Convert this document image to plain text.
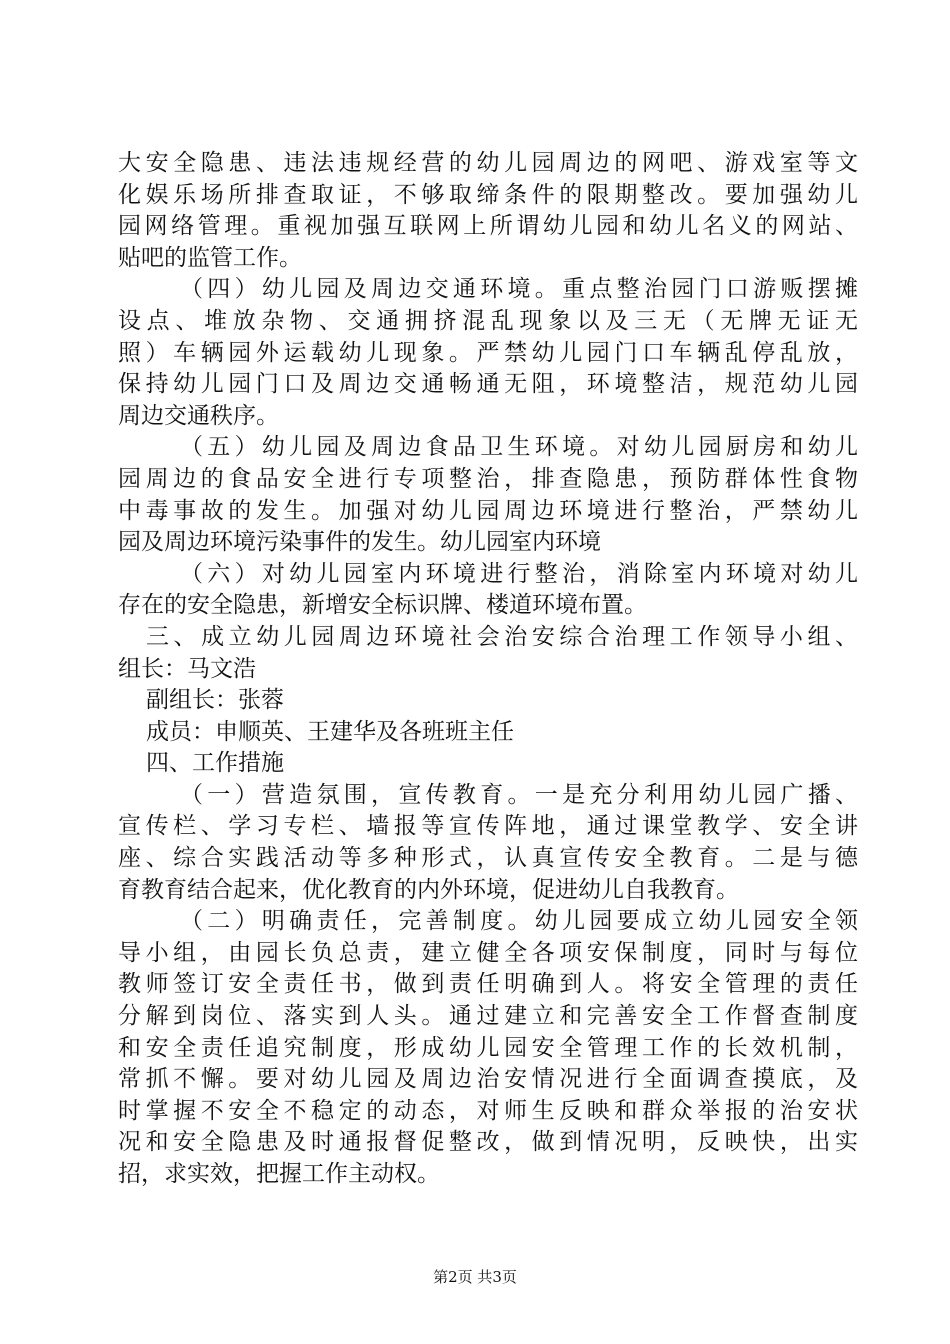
大安全隐患、违法违规经营的幼儿园周边的网吧、游戏室等文
化娱乐场所排查取证，不够取缔条件的限期整改。要加强幼儿
园网络管理。重视加强互联网上所谓幼儿园和幼儿名义的网站、
贴吧的监管工作。
（四）幼儿园及周边交通环境。重点整治园门口游贩摆摊
设点、堆放杂物、交通拥挤混乱现象以及三无（无牌无证无
照）车辆园外运载幼儿现象。严禁幼儿园门口车辆乱停乱放，
保持幼儿园门口及周边交通畅通无阻，环境整洁，规范幼儿园
周边交通秩序。
（五）幼儿园及周边食品卫生环境。对幼儿园厨房和幼儿
园周边的食品安全进行专项整治，排查隐患，预防群体性食物
中毒事故的发生。加强对幼儿园周边环境进行整治，严禁幼儿
园及周边环境污染事件的发生。幼儿园室内环境
（六）对幼儿园室内环境进行整治，消除室内环境对幼儿
存在的安全隐患，新增安全标识牌、楼道环境布置。
三、成立幼儿园周边环境社会治安综合治理工作领导小组、
组长：马文浩
副组长：张蓉
成员：申顺英、王建华及各班班主任
四、工作措施
（一）营造氛围，宣传教育。一是充分利用幼儿园广播、
宣传栏、学习专栏、墙报等宣传阵地，通过课堂教学、安全讲
座、综合实践活动等多种形式，认真宣传安全教育。二是与德
育教育结合起来，优化教育的内外环境，促进幼儿自我教育。
（二）明确责任，完善制度。幼儿园要成立幼儿园安全领
导小组，由园长负总责，建立健全各项安保制度，同时与每位
教师签订安全责任书，做到责任明确到人。将安全管理的责任
分解到岗位、落实到人头。通过建立和完善安全工作督查制度
和安全责任追究制度，形成幼儿园安全管理工作的长效机制，
常抓不懈。要对幼儿园及周边治安情况进行全面调查摸底，及
时掌握不安全不稳定的动态，对师生反映和群众举报的治安状
况和安全隐患及时通报督促整改，做到情况明，反映快，出实
招，求实效，把握工作主动权。
第2页 共3页
